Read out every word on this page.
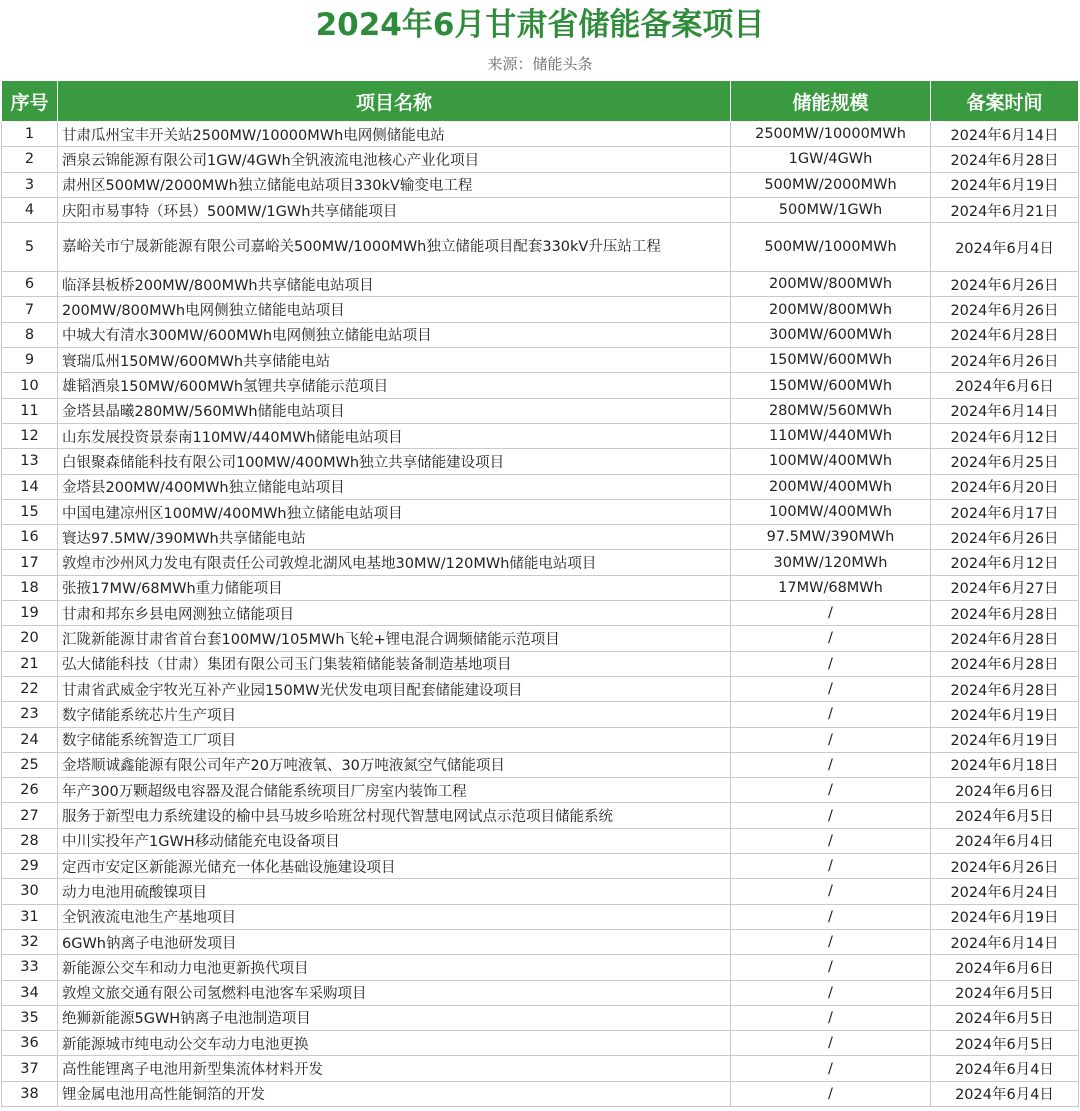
2024年6月甘肃省储能备案项目
来源：储能头条
序号	项目名称	储能规模	备案时间
1	甘肃瓜州宝丰开关站2500MW/10000MWh电网侧储能电站	2500MW/10000MWh	2024年6月14日
2	酒泉云锦能源有限公司1GW/4GWh全钒液流电池核心产业化项目	1GW/4GWh	2024年6月28日
3	肃州区500MW/2000MWh独立储能电站项目330kV输变电工程	500MW/2000MWh	2024年6月19日
4	庆阳市易事特（环县）500MW/1GWh共享储能项目	500MW/1GWh	2024年6月21日
5	嘉峪关市宁晟新能源有限公司嘉峪关500MW/1000MWh独立储能项目配套330kV升压站工程	500MW/1000MWh	2024年6月4日
6	临泽县板桥200MW/800MWh共享储能电站项目	200MW/800MWh	2024年6月26日
7	200MW/800MWh电网侧独立储能电站项目	200MW/800MWh	2024年6月26日
8	中城大有清水300MW/600MWh电网侧独立储能电站项目	300MW/600MWh	2024年6月28日
9	寰瑞瓜州150MW/600MWh共享储能电站	150MW/600MWh	2024年6月26日
10	雄韬酒泉150MW/600MWh氢锂共享储能示范项目	150MW/600MWh	2024年6月6日
11	金塔县晶曦280MW/560MWh储能电站项目	280MW/560MWh	2024年6月14日
12	山东发展投资景泰南110MW/440MWh储能电站项目	110MW/440MWh	2024年6月12日
13	白银聚森储能科技有限公司100MW/400MWh独立共享储能建设项目	100MW/400MWh	2024年6月25日
14	金塔县200MW/400MWh独立储能电站项目	200MW/400MWh	2024年6月20日
15	中国电建凉州区100MW/400MWh独立储能电站项目	100MW/400MWh	2024年6月17日
16	寰达97.5MW/390MWh共享储能电站	97.5MW/390MWh	2024年6月26日
17	敦煌市沙州风力发电有限责任公司敦煌北湖风电基地30MW/120MWh储能电站项目	30MW/120MWh	2024年6月12日
18	张掖17MW/68MWh重力储能项目	17MW/68MWh	2024年6月27日
19	甘肃和邦东乡县电网测独立储能项目	/	2024年6月28日
20	汇陇新能源甘肃省首台套100MW/105MWh飞轮+锂电混合调频储能示范项目	/	2024年6月28日
21	弘大储能科技（甘肃）集团有限公司玉门集装箱储能装备制造基地项目	/	2024年6月28日
22	甘肃省武威金宇牧光互补产业园150MW光伏发电项目配套储能建设项目	/	2024年6月28日
23	数字储能系统芯片生产项目	/	2024年6月19日
24	数字储能系统智造工厂项目	/	2024年6月19日
25	金塔顺诚鑫能源有限公司年产20万吨液氧、30万吨液氮空气储能项目	/	2024年6月18日
26	年产300万颗超级电容器及混合储能系统项目厂房室内装饰工程	/	2024年6月6日
27	服务于新型电力系统建设的榆中县马坡乡哈班岔村现代智慧电网试点示范项目储能系统	/	2024年6月5日
28	中川实投年产1GWH移动储能充电设备项目	/	2024年6月4日
29	定西市安定区新能源光储充一体化基础设施建设项目	/	2024年6月26日
30	动力电池用硫酸镍项目	/	2024年6月24日
31	全钒液流电池生产基地项目	/	2024年6月19日
32	6GWh钠离子电池研发项目	/	2024年6月14日
33	新能源公交车和动力电池更新换代项目	/	2024年6月6日
34	敦煌文旅交通有限公司氢燃料电池客车采购项目	/	2024年6月5日
35	绝狮新能源5GWH钠离子电池制造项目	/	2024年6月5日
36	新能源城市纯电动公交车动力电池更换	/	2024年6月5日
37	高性能锂离子电池用新型集流体材料开发	/	2024年6月4日
38	锂金属电池用高性能铜箔的开发	/	2024年6月4日
